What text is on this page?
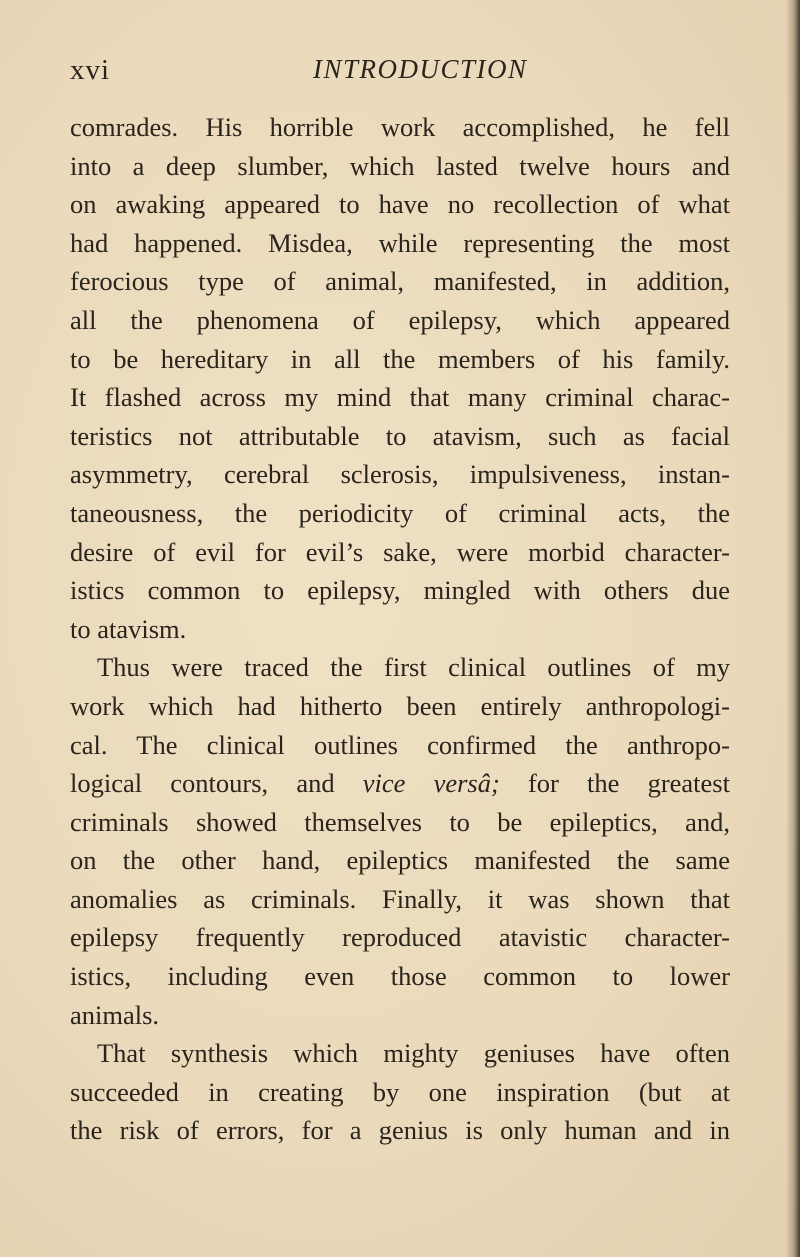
xvi	INTRODUCTION
comrades. His horrible work accomplished, he fell
into a deep slumber, which lasted twelve hours and
on awaking appeared to have no recollection of what
had happened. Misdea, while representing the most
ferocious type of animal, manifested, in addition,
all the phenomena of epilepsy, which appeared
to be hereditary in all the members of his family.
It flashed across my mind that many criminal charac-
teristics not attributable to atavism, such as facial
asymmetry, cerebral sclerosis, impulsiveness, instan-
taneousness, the periodicity of criminal acts, the
desire of evil for evil’s sake, were morbid character-
istics common to epilepsy, mingled with others due
to atavism.
Thus were traced the first clinical outlines of my
work which had hitherto been entirely anthropologi-
cal. The clinical outlines confirmed the anthropo-
logical contours, and vice versâ; for the greatest
criminals showed themselves to be epileptics, and,
on the other hand, epileptics manifested the same
anomalies as criminals. Finally, it was shown that
epilepsy frequently reproduced atavistic character-
istics, including even those common to lower
animals.
That synthesis which mighty geniuses have often
succeeded in creating by one inspiration (but at
the risk of errors, for a genius is only human and in
